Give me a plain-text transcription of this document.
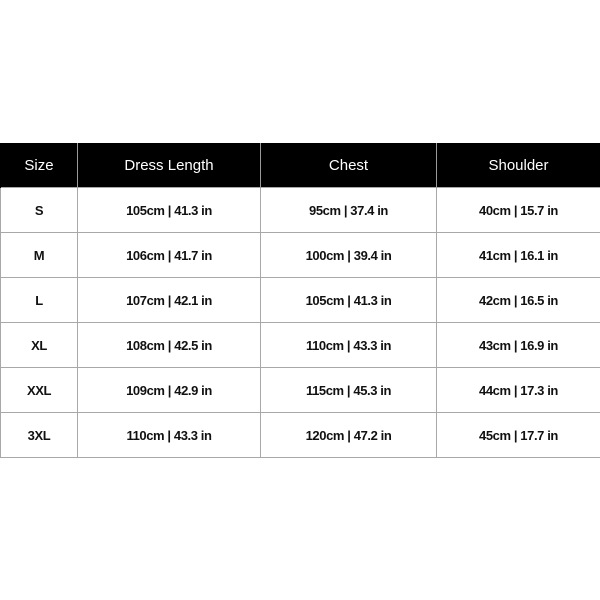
Size	Dress Length	Chest	Shoulder
S	105cm | 41.3 in	95cm | 37.4 in	40cm | 15.7 in
M	106cm | 41.7 in	100cm | 39.4 in	41cm | 16.1 in
L	107cm | 42.1 in	105cm | 41.3 in	42cm | 16.5 in
XL	108cm | 42.5 in	110cm | 43.3 in	43cm | 16.9 in
XXL	109cm | 42.9 in	115cm | 45.3 in	44cm | 17.3 in
3XL	110cm | 43.3 in	120cm | 47.2 in	45cm | 17.7 in
